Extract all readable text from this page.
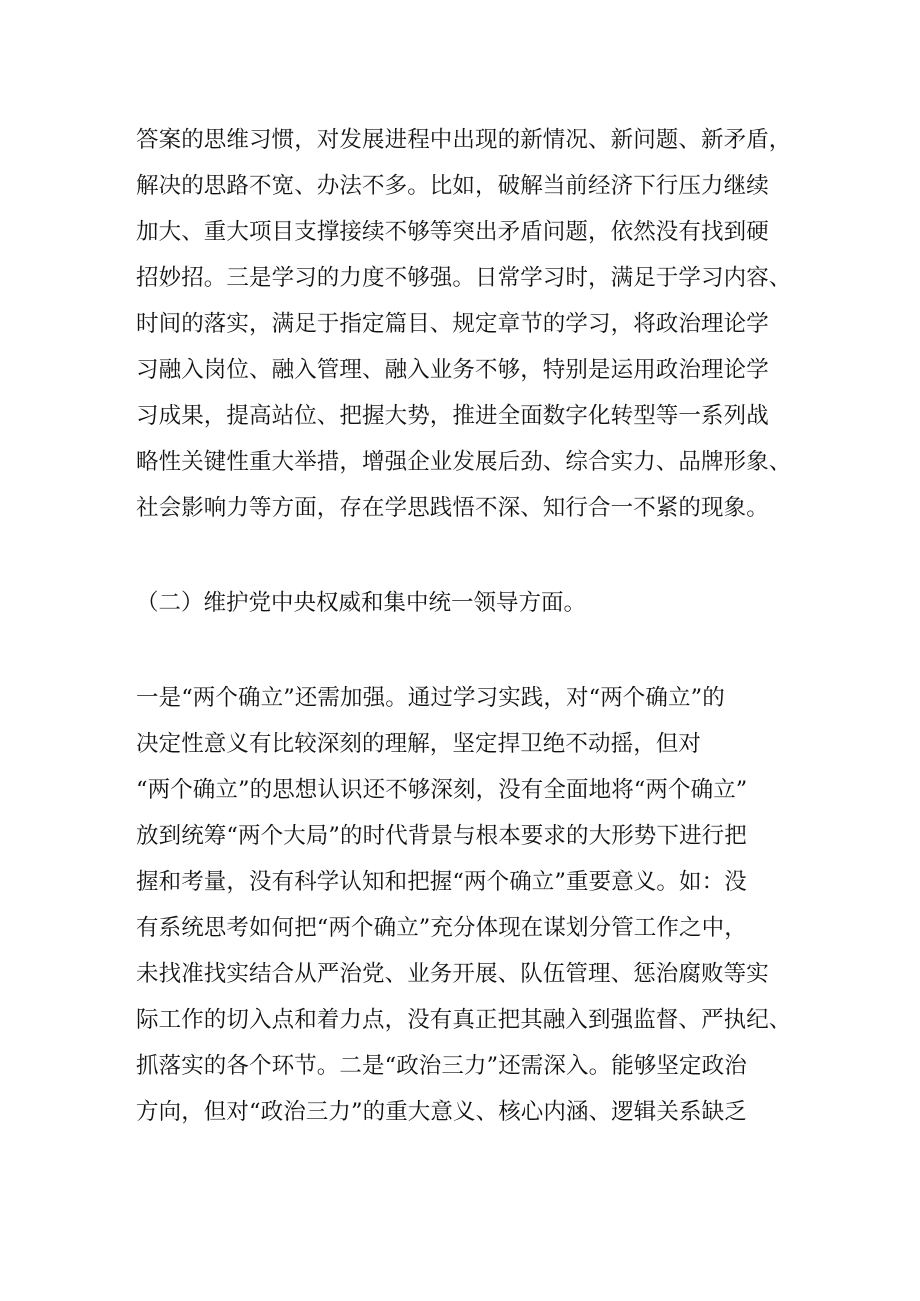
答案的思维习惯，对发展进程中出现的新情况、新问题、新矛盾，
解决的思路不宽、办法不多。比如，破解当前经济下行压力继续
加大、重大项目支撑接续不够等突出矛盾问题，依然没有找到硬
招妙招。三是学习的力度不够强。日常学习时，满足于学习内容、
时间的落实，满足于指定篇目、规定章节的学习，将政治理论学
习融入岗位、融入管理、融入业务不够，特别是运用政治理论学
习成果，提高站位、把握大势，推进全面数字化转型等一系列战
略性关键性重大举措，增强企业发展后劲、综合实力、品牌形象、
社会影响力等方面，存在学思践悟不深、知行合一不紧的现象。
（二）维护党中央权威和集中统一领导方面。
一是“两个确立”还需加强。通过学习实践，对“两个确立”的
决定性意义有比较深刻的理解，坚定捍卫绝不动摇，但对
“两个确立”的思想认识还不够深刻，没有全面地将“两个确立”
放到统筹“两个大局”的时代背景与根本要求的大形势下进行把
握和考量，没有科学认知和把握“两个确立”重要意义。如：没
有系统思考如何把“两个确立”充分体现在谋划分管工作之中，
未找准找实结合从严治党、业务开展、队伍管理、惩治腐败等实
际工作的切入点和着力点，没有真正把其融入到强监督、严执纪、
抓落实的各个环节。二是“政治三力”还需深入。能够坚定政治
方向，但对“政治三力”的重大意义、核心内涵、逻辑关系缺乏
